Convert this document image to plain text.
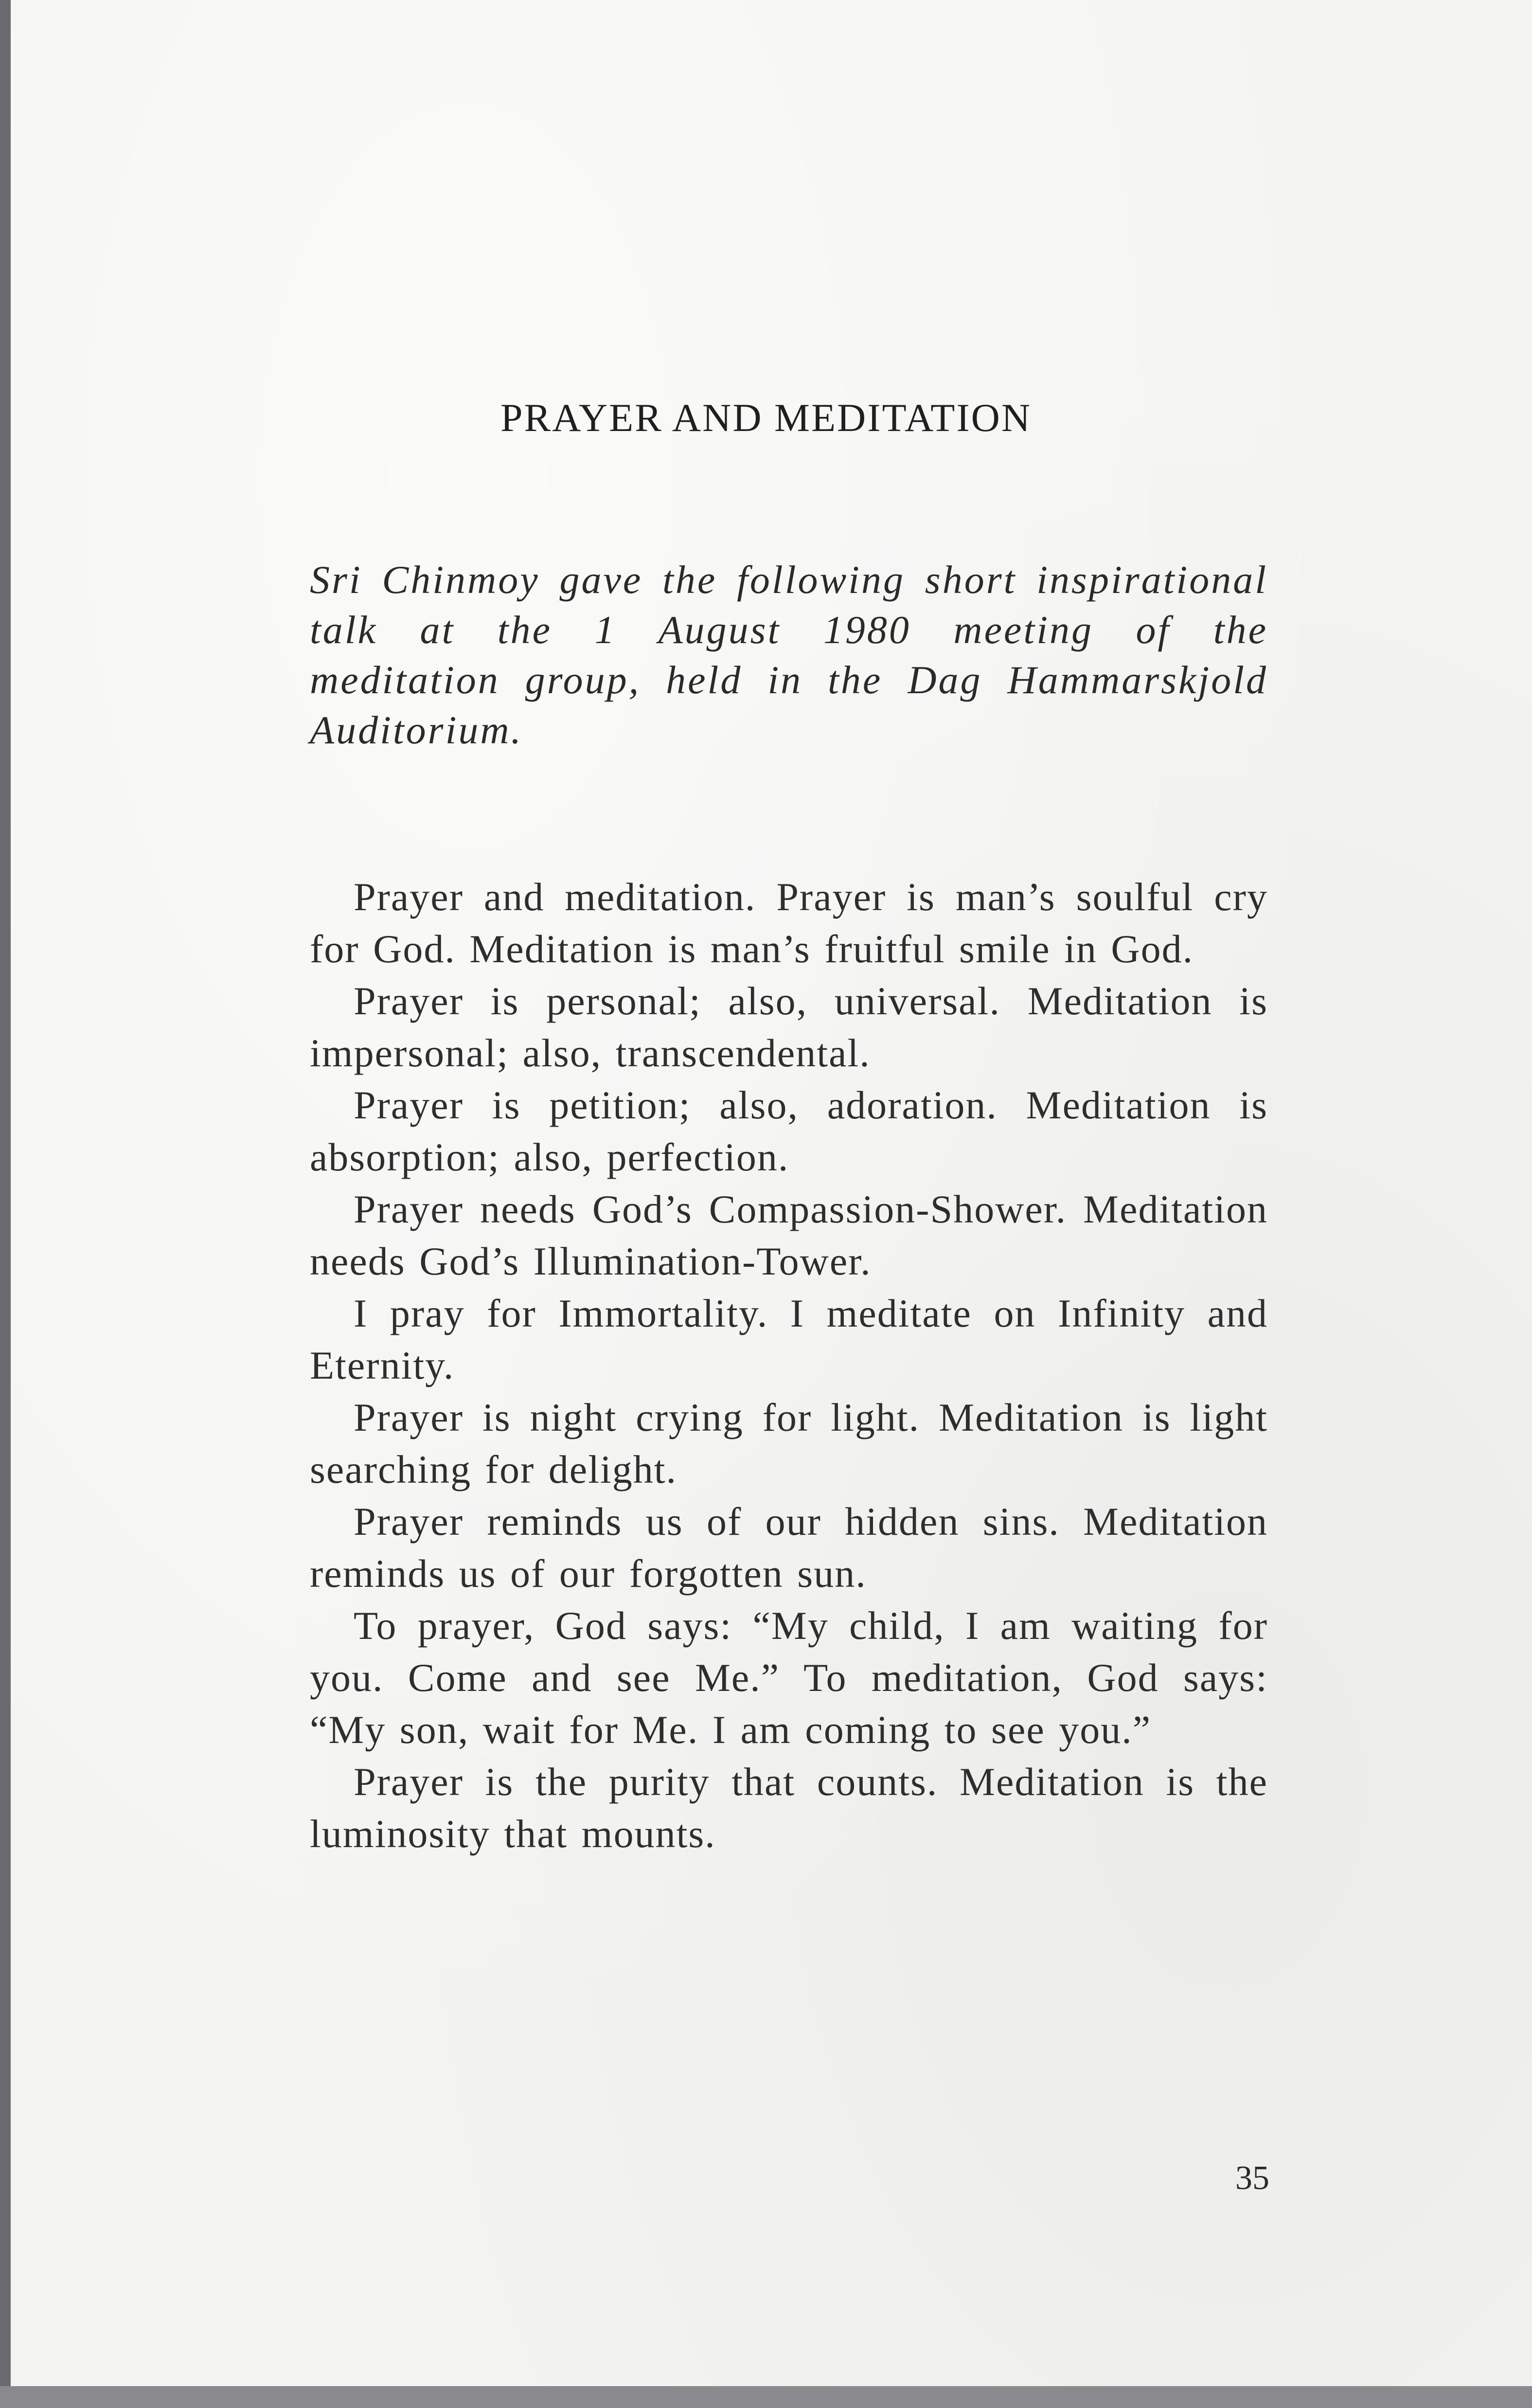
PRAYER AND MEDITATION

Sri Chinmoy gave the following short inspirational talk at the 1 August 1980 meeting of the meditation group, held in the Dag Hammarskjold Auditorium.

Prayer and meditation. Prayer is man’s soulful cry for God. Meditation is man’s fruitful smile in God.

Prayer is personal; also, universal. Meditation is impersonal; also, transcendental.

Prayer is petition; also, adoration. Meditation is absorption; also, perfection.

Prayer needs God’s Compassion-Shower. Meditation needs God’s Illumination-Tower.

I pray for Immortality. I meditate on Infinity and Eternity.

Prayer is night crying for light. Meditation is light searching for delight.

Prayer reminds us of our hidden sins. Meditation reminds us of our forgotten sun.

To prayer, God says: “My child, I am waiting for you. Come and see Me.” To meditation, God says: “My son, wait for Me. I am coming to see you.”

Prayer is the purity that counts. Meditation is the luminosity that mounts.

35
